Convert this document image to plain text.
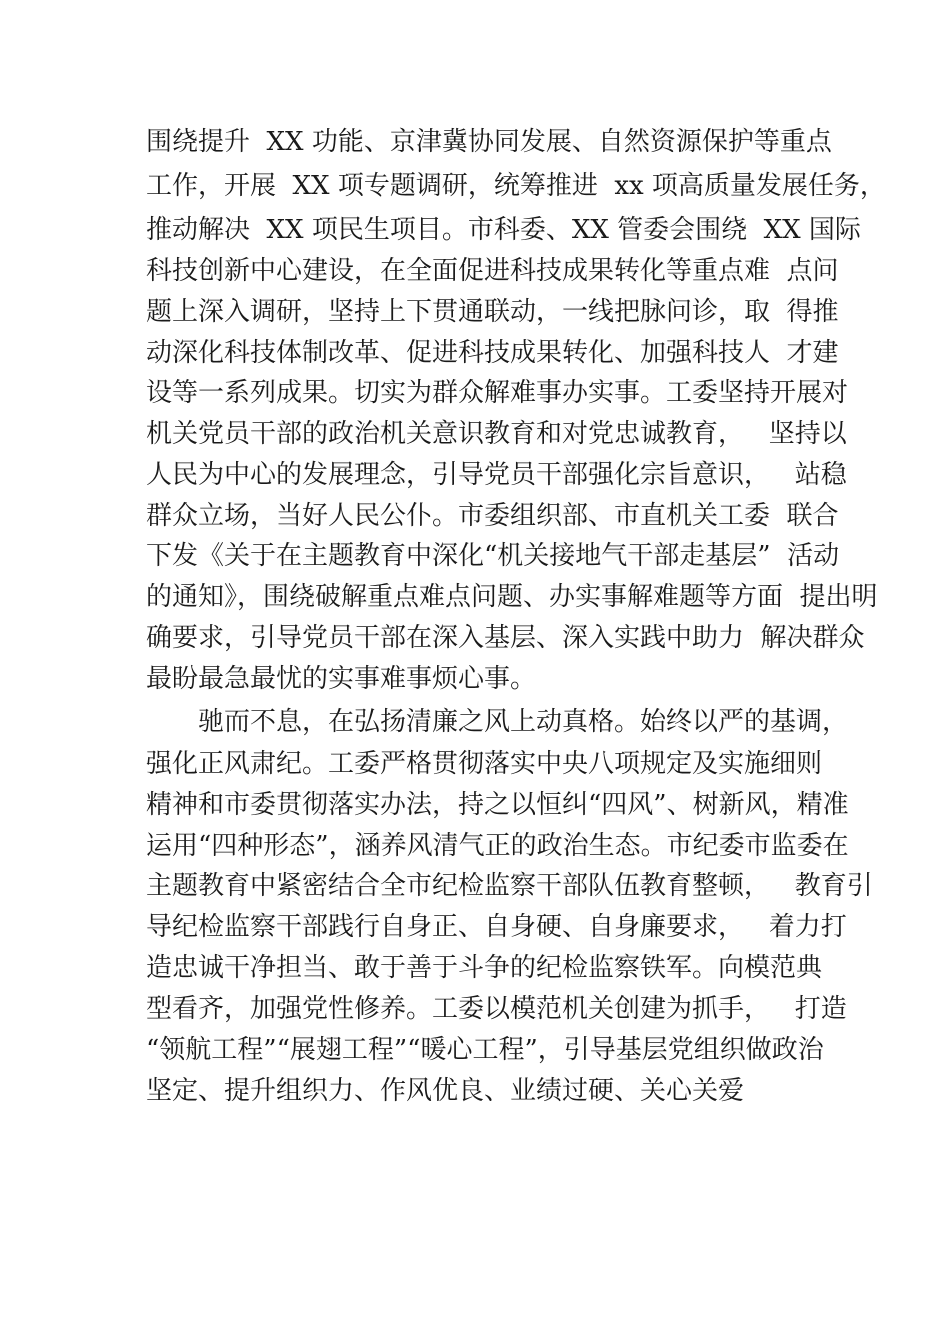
围绕提升  XX 功能、京津冀协同发展、自然资源保护等重点

工作，开展  XX 项专题调研，统筹推进  xx 项高质量发展任务，

推动解决  XX 项民生项目。市科委、XX 管委会围绕  XX 国际

科技创新中心建设，在全面促进科技成果转化等重点难  点问

题上深入调研，坚持上下贯通联动，一线把脉问诊，取  得推

动深化科技体制改革、促进科技成果转化、加强科技人  才建

设等一系列成果。切实为群众解难事办实事。工委坚持开展对

机关党员干部的政治机关意识教育和对党忠诚教育，   坚持以

人民为中心的发展理念，引导党员干部强化宗旨意识，   站稳

群众立场，当好人民公仆。市委组织部、市直机关工委  联合

下发《关于在主题教育中深化“机关接地气干部走基层”  活动

的通知》，围绕破解重点难点问题、办实事解难题等方面  提出明

确要求，引导党员干部在深入基层、深入实践中助力  解决群众

最盼最急最忧的实事难事烦心事。

驰而不息，在弘扬清廉之风上动真格。始终以严的基调，

强化正风肃纪。工委严格贯彻落实中央八项规定及实施细则

精神和市委贯彻落实办法，持之以恒纠“四风”、树新风，精准

运用“四种形态”，涵养风清气正的政治生态。市纪委市监委在

主题教育中紧密结合全市纪检监察干部队伍教育整顿，   教育引

导纪检监察干部践行自身正、自身硬、自身廉要求，   着力打

造忠诚干净担当、敢于善于斗争的纪检监察铁军。向模范典

型看齐，加强党性修养。工委以模范机关创建为抓手，   打造

“领航工程”“展翅工程”“暖心工程”，引导基层党组织做政治

坚定、提升组织力、作风优良、业绩过硬、关心关爱
